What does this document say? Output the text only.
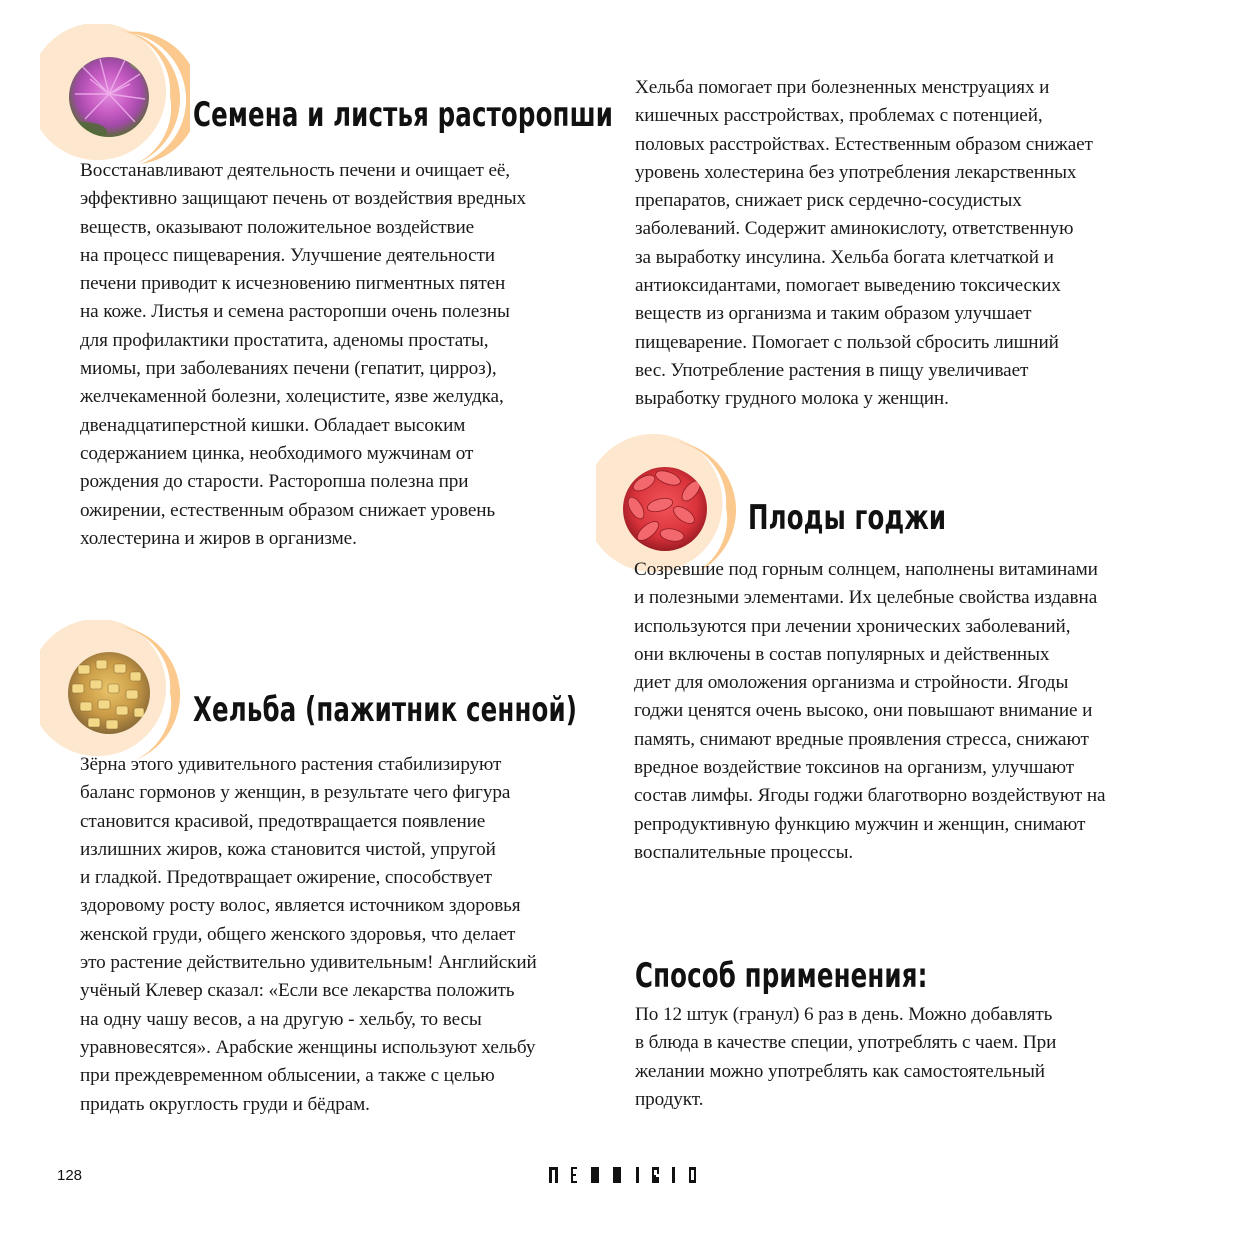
Семена и листья расторопши
Восстанавливают деятельность печени и очищает её,
эффективно защищают печень от воздействия вредных
веществ, оказывают положительное воздействие
на процесс пищеварения. Улучшение деятельности
печени приводит к исчезновению пигментных пятен
на коже. Листья и семена расторопши очень полезны
для профилактики простатита, аденомы простаты,
миомы, при заболеваниях печени (гепатит, цирроз),
желчекаменной болезни, холецистите, язве желудка,
двенадцатиперстной кишки. Обладает высоким
содержанием цинка, необходимого мужчинам от
рождения до старости. Расторопша полезна при
ожирении, естественным образом снижает уровень
холестерина и жиров в организме.
Хельба (пажитник сенной)
Зёрна этого удивительного растения стабилизируют
баланс гормонов у женщин, в результате чего фигура
становится красивой, предотвращается появление
излишних жиров, кожа становится чистой, упругой
и гладкой. Предотвращает ожирение, способствует
здоровому росту волос, является источником здоровья
женской груди, общего женского здоровья, что делает
это растение действительно удивительным! Английский
учёный Клевер сказал: «Если все лекарства положить
на одну чашу весов, а на другую - хельбу, то весы
уравновесятся». Арабские женщины используют хельбу
при преждевременном облысении, а также с целью
придать округлость груди и бёдрам.
Хельба помогает при болезненных менструациях и
кишечных расстройствах, проблемах с потенцией,
половых расстройствах. Естественным образом снижает
уровень холестерина без употребления лекарственных
препаратов, снижает риск сердечно-сосудистых
заболеваний. Содержит аминокислоту, ответственную
за выработку инсулина. Хельба богата клетчаткой и
антиоксидантами, помогает выведению токсических
веществ из организма и таким образом улучшает
пищеварение. Помогает с пользой сбросить лишний
вес. Употребление растения в пищу увеличивает
выработку грудного молока у женщин.
Плоды годжи
Созревшие под горным солнцем, наполнены витаминами
и полезными элементами. Их целебные свойства издавна
используются при лечении хронических заболеваний,
они включены в состав популярных и действенных
диет для омоложения организма и стройности. Ягоды
годжи ценятся очень высоко, они повышают внимание и
память, снимают вредные проявления стресса, снижают
вредное воздействие токсинов на организм, улучшают
состав лимфы. Ягоды годжи благотворно воздействуют на
репродуктивную функцию мужчин и женщин, снимают
воспалительные процессы.
Способ применения:
По 12 штук (гранул) 6 раз в день. Можно добавлять
в блюда в качестве специи, употреблять с чаем. При
желании можно употреблять как самостоятельный
продукт.
128
